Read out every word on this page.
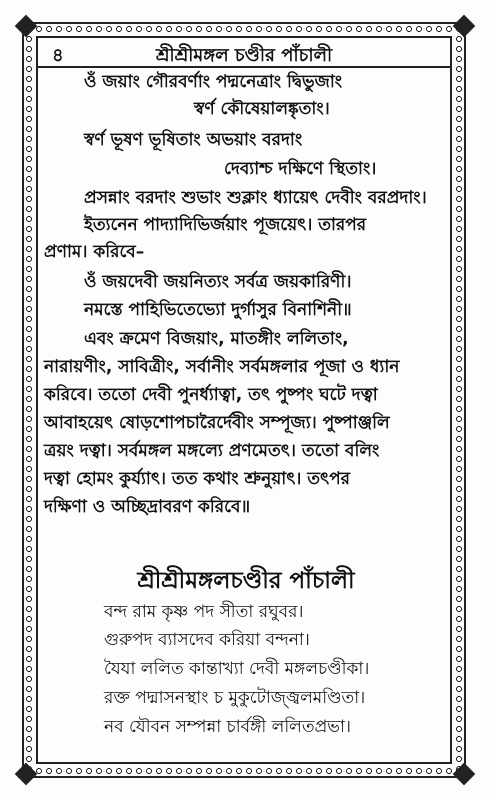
৪	শ্রীশ্রীমঙ্গল চণ্ডীর পাঁচালী
ওঁ জয়াং গৌরবর্ণাং পদ্মনেত্রাং দ্বিভুজাং
স্বর্ণ কৌষেয়ালঙ্কৃতাং।
স্বর্ণ ভূষণ ভূষিতাং অভয়াং বরদাং
দেব্যাশ্চ দক্ষিণে স্থিতাং।
প্রসন্নাং বরদাং শুভাং শুক্লাং ধ্যায়েৎ দেবীং বরপ্রদাং।
ইত্যনেন পাদ্যাদিভির্জয়াং পূজয়েৎ। তারপর
প্রণাম। করিবে–
ওঁ জয়দেবী জয়নিত্যং সর্বত্র জয়কারিণী।
নমস্তে পাহিভিতেভ্যো দুর্গাসুর বিনাশিনী॥
এবং ক্রমেণ বিজয়াং, মাতঙ্গীং ললিতাং,
নারায়ণীং, সাবিত্রীং, সর্বানীং সর্বমঙ্গলার পূজা ও ধ্যান
করিবে। ততো দেবী পুনর্ধ্যাত্বা, তৎ পুষ্পং ঘটে দত্বা
আবাহয়েৎ ষোড়শোপচারৈর্দেবীং সম্পূজ্য। পুষ্পাঞ্জলি
ত্রয়ং দত্বা। সর্বমঙ্গল মঙ্গল্যে প্রণমেতৎ। ততো বলিং
দত্বা হোমং কুর্য্যাৎ। তত কথাং শ্রুনুয়াৎ। তৎপর
দক্ষিণা ও অচ্ছিদ্রাবরণ করিবে॥
শ্রীশ্রীমঙ্গলচণ্ডীর পাঁচালী
বন্দ রাম কৃষ্ণ পদ সীতা রঘুবর।
গুরুপদ ব্যাসদেব করিয়া বন্দনা।
যৈযা ললিত কান্তাখ্যা দেবী মঙ্গলচণ্ডীকা।
রক্ত পদ্মাসনস্থাং চ মুকুটোজ্জ্বলমণ্ডিতা।
নব যৌবন সম্পন্না চার্বঙ্গী ললিতপ্রভা।
